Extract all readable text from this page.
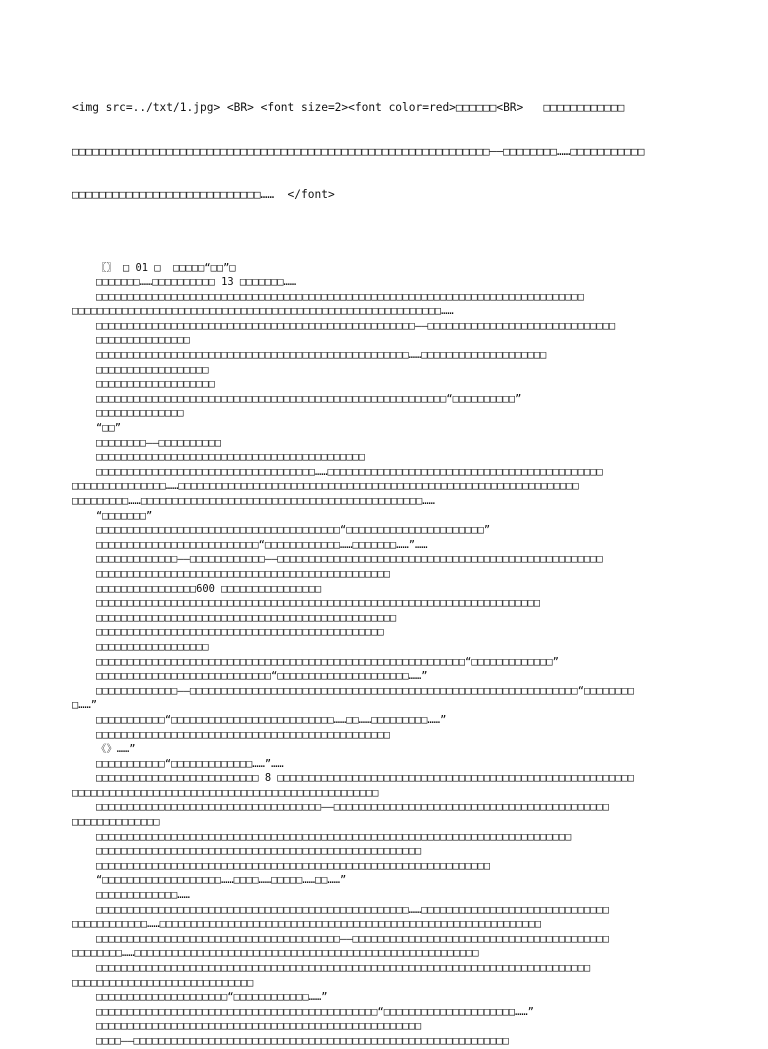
<img src=../txt/1.jpg> <BR> <font size=2><font color=red>□□□□□□<BR>   □□□□□□□□□□□□

□□□□□□□□□□□□□□□□□□□□□□□□□□□□□□□□□□□□□□□□□□□□□□□□□□□□□□□□□□□□□□——□□□□□□□□……□□□□□□□□□□□

□□□□□□□□□□□□□□□□□□□□□□□□□□□□……  </font>

〖〗 □ 01 □  □□□□□“□□”□
□□□□□□□……□□□□□□□□□□ 13 □□□□□□□……
□□□□□□□□□□□□□□□□□□□□□□□□□□□□□□□□□□□□□□□□□□□□□□□□□□□□□□□□□□□□□□□□□□□□□□□□□□□□□□
□□□□□□□□□□□□□□□□□□□□□□□□□□□□□□□□□□□□□□□□□□□□□□□□□□□□□□□□□□□……
□□□□□□□□□□□□□□□□□□□□□□□□□□□□□□□□□□□□□□□□□□□□□□□□□□□——□□□□□□□□□□□□□□□□□□□□□□□□□□□□□□
□□□□□□□□□□□□□□□
□□□□□□□□□□□□□□□□□□□□□□□□□□□□□□□□□□□□□□□□□□□□□□□□□□……□□□□□□□□□□□□□□□□□□□□
□□□□□□□□□□□□□□□□□□
□□□□□□□□□□□□□□□□□□□
□□□□□□□□□□□□□□□□□□□□□□□□□□□□□□□□□□□□□□□□□□□□□□□□□□□□□□□□“□□□□□□□□□□”
□□□□□□□□□□□□□□
“□□”
□□□□□□□□——□□□□□□□□□□
□□□□□□□□□□□□□□□□□□□□□□□□□□□□□□□□□□□□□□□□□□□
□□□□□□□□□□□□□□□□□□□□□□□□□□□□□□□□□□□……□□□□□□□□□□□□□□□□□□□□□□□□□□□□□□□□□□□□□□□□□□□□
□□□□□□□□□□□□□□□……□□□□□□□□□□□□□□□□□□□□□□□□□□□□□□□□□□□□□□□□□□□□□□□□□□□□□□□□□□□□□□□□
□□□□□□□□□……□□□□□□□□□□□□□□□□□□□□□□□□□□□□□□□□□□□□□□□□□□□□□……
“□□□□□□□”
□□□□□□□□□□□□□□□□□□□□□□□□□□□□□□□□□□□□□□□“□□□□□□□□□□□□□□□□□□□□□□”
□□□□□□□□□□□□□□□□□□□□□□□□□□“□□□□□□□□□□□□……□□□□□□□……”……
□□□□□□□□□□□□□——□□□□□□□□□□□□——□□□□□□□□□□□□□□□□□□□□□□□□□□□□□□□□□□□□□□□□□□□□□□□□□□□□
□□□□□□□□□□□□□□□□□□□□□□□□□□□□□□□□□□□□□□□□□□□□□□□
□□□□□□□□□□□□□□□□600 □□□□□□□□□□□□□□□□
□□□□□□□□□□□□□□□□□□□□□□□□□□□□□□□□□□□□□□□□□□□□□□□□□□□□□□□□□□□□□□□□□□□□□□□
□□□□□□□□□□□□□□□□□□□□□□□□□□□□□□□□□□□□□□□□□□□□□□□□
□□□□□□□□□□□□□□□□□□□□□□□□□□□□□□□□□□□□□□□□□□□□□□
□□□□□□□□□□□□□□□□□□
□□□□□□□□□□□□□□□□□□□□□□□□□□□□□□□□□□□□□□□□□□□□□□□□□□□□□□□□□□□“□□□□□□□□□□□□□”
□□□□□□□□□□□□□□□□□□□□□□□□□□□□“□□□□□□□□□□□□□□□□□□□□□……”
□□□□□□□□□□□□□——□□□□□□□□□□□□□□□□□□□□□□□□□□□□□□□□□□□□□□□□□□□□□□□□□□□□□□□□□□□□□□“□□□□□□□□
□……”
□□□□□□□□□□□“□□□□□□□□□□□□□□□□□□□□□□□□□□……□□……□□□□□□□□□……”
□□□□□□□□□□□□□□□□□□□□□□□□□□□□□□□□□□□□□□□□□□□□□□□
《》……”
□□□□□□□□□□□“□□□□□□□□□□□□□……”……
□□□□□□□□□□□□□□□□□□□□□□□□□□ 8 □□□□□□□□□□□□□□□□□□□□□□□□□□□□□□□□□□□□□□□□□□□□□□□□□□□□□□□□□
□□□□□□□□□□□□□□□□□□□□□□□□□□□□□□□□□□□□□□□□□□□□□□□□□
□□□□□□□□□□□□□□□□□□□□□□□□□□□□□□□□□□□□——□□□□□□□□□□□□□□□□□□□□□□□□□□□□□□□□□□□□□□□□□□□□
□□□□□□□□□□□□□□
□□□□□□□□□□□□□□□□□□□□□□□□□□□□□□□□□□□□□□□□□□□□□□□□□□□□□□□□□□□□□□□□□□□□□□□□□□□□
□□□□□□□□□□□□□□□□□□□□□□□□□□□□□□□□□□□□□□□□□□□□□□□□□□□□
□□□□□□□□□□□□□□□□□□□□□□□□□□□□□□□□□□□□□□□□□□□□□□□□□□□□□□□□□□□□□□□
“□□□□□□□□□□□□□□□□□□□……□□□□……□□□□□……□□……”
□□□□□□□□□□□□□……
□□□□□□□□□□□□□□□□□□□□□□□□□□□□□□□□□□□□□□□□□□□□□□□□□□……□□□□□□□□□□□□□□□□□□□□□□□□□□□□□□
□□□□□□□□□□□□……□□□□□□□□□□□□□□□□□□□□□□□□□□□□□□□□□□□□□□□□□□□□□□□□□□□□□□□□□□□□□
□□□□□□□□□□□□□□□□□□□□□□□□□□□□□□□□□□□□□□□——□□□□□□□□□□□□□□□□□□□□□□□□□□□□□□□□□□□□□□□□□
□□□□□□□□……□□□□□□□□□□□□□□□□□□□□□□□□□□□□□□□□□□□□□□□□□□□□□□□□□□□□□□□
□□□□□□□□□□□□□□□□□□□□□□□□□□□□□□□□□□□□□□□□□□□□□□□□□□□□□□□□□□□□□□□□□□□□□□□□□□□□□□□
□□□□□□□□□□□□□□□□□□□□□□□□□□□□□
□□□□□□□□□□□□□□□□□□□□□“□□□□□□□□□□□□……”
□□□□□□□□□□□□□□□□□□□□□□□□□□□□□□□□□□□□□□□□□□□□□“□□□□□□□□□□□□□□□□□□□□□……”
□□□□□□□□□□□□□□□□□□□□□□□□□□□□□□□□□□□□□□□□□□□□□□□□□□□□
□□□□——□□□□□□□□□□□□□□□□□□□□□□□□□□□□□□□□□□□□□□□□□□□□□□□□□□□□□□□□□□□□
